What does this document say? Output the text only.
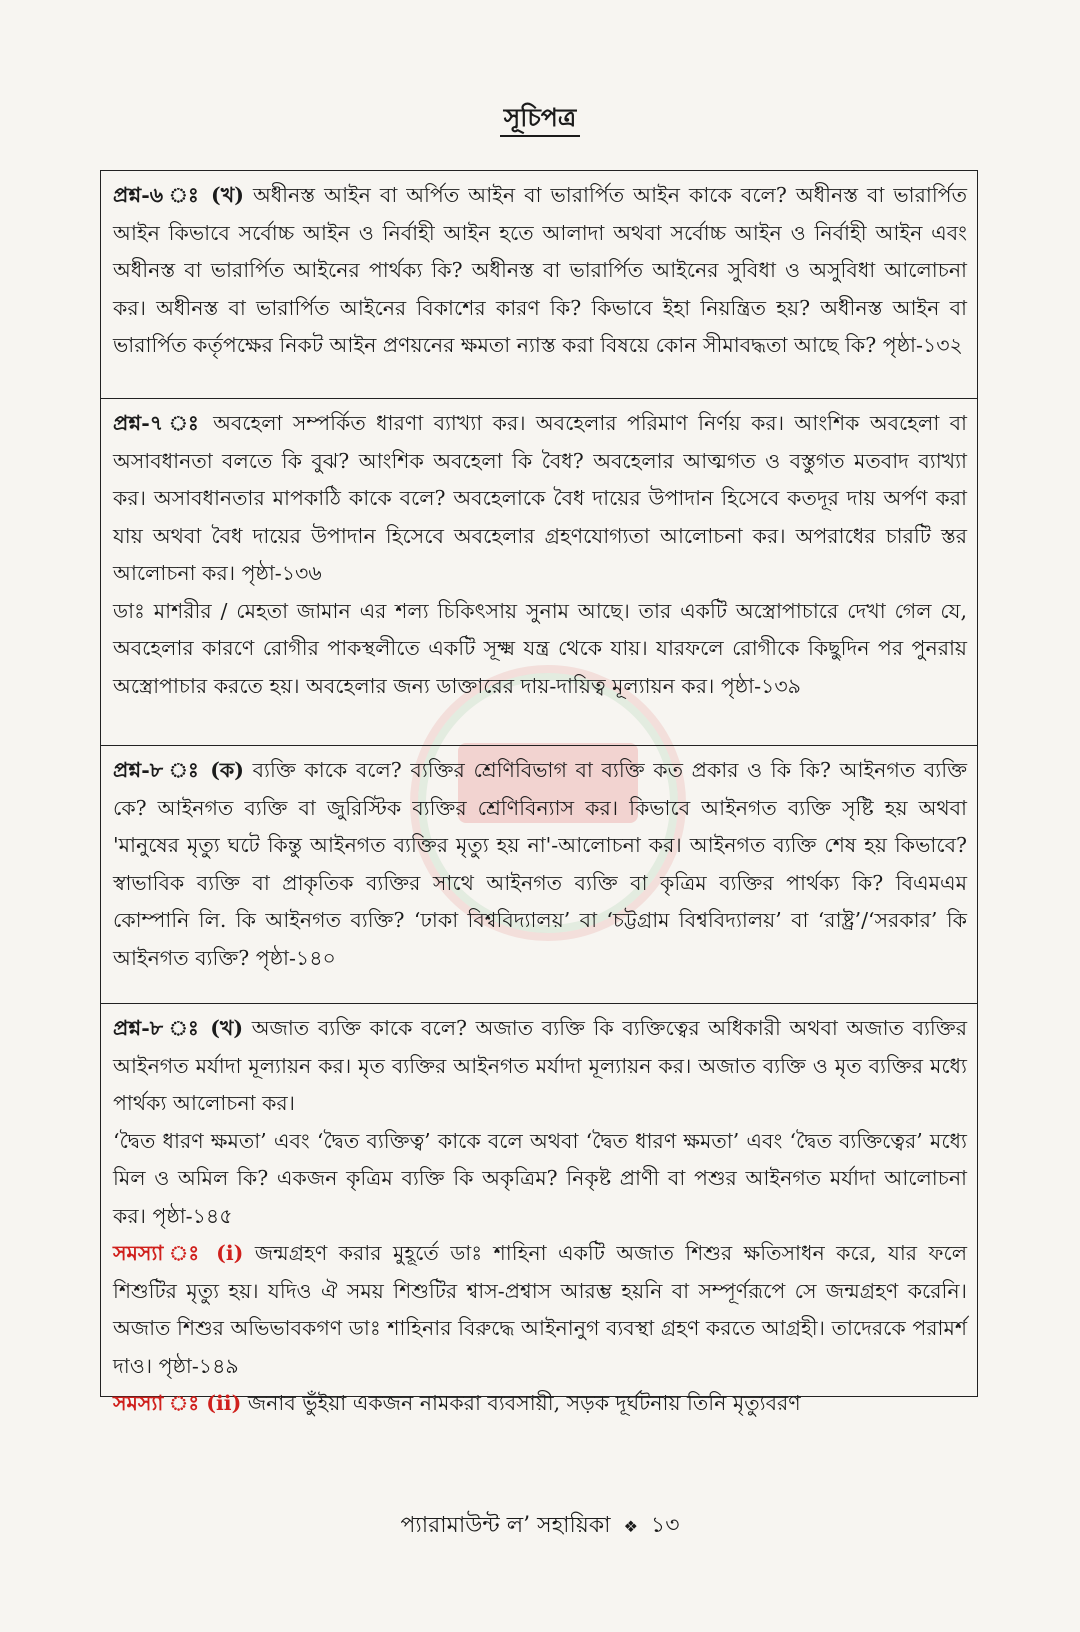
সূচিপত্র

প্রশ্ন-৬ ঃ (খ) অধীনস্ত আইন বা অর্পিত আইন বা ভারার্পিত আইন কাকে বলে? অধীনস্ত বা ভারার্পিত আইন কিভাবে সর্বোচ্চ আইন ও নির্বাহী আইন হতে আলাদা অথবা সর্বোচ্চ আইন ও নির্বাহী আইন এবং অধীনস্ত বা ভারার্পিত আইনের পার্থক্য কি? অধীনস্ত বা ভারার্পিত আইনের সুবিধা ও অসুবিধা আলোচনা কর। অধীনস্ত বা ভারার্পিত আইনের বিকাশের কারণ কি? কিভাবে ইহা নিয়ন্ত্রিত হয়? অধীনস্ত আইন বা ভারার্পিত কর্তৃপক্ষের নিকট আইন প্রণয়নের ক্ষমতা ন্যাস্ত করা বিষয়ে কোন সীমাবদ্ধতা আছে কি? পৃষ্ঠা-১৩২

প্রশ্ন-৭ ঃ অবহেলা সম্পর্কিত ধারণা ব্যাখ্যা কর। অবহেলার পরিমাণ নির্ণয় কর। আংশিক অবহেলা বা অসাবধানতা বলতে কি বুঝ? আংশিক অবহেলা কি বৈধ? অবহেলার আত্মগত ও বস্তুগত মতবাদ ব্যাখ্যা কর। অসাবধানতার মাপকাঠি কাকে বলে? অবহেলাকে বৈধ দায়ের উপাদান হিসেবে কতদূর দায় অর্পণ করা যায় অথবা বৈধ দায়ের উপাদান হিসেবে অবহেলার গ্রহণযোগ্যতা আলোচনা কর। অপরাধের চারটি স্তর আলোচনা কর। পৃষ্ঠা-১৩৬

ডাঃ মাশরীর / মেহতা জামান এর শল্য চিকিৎসায় সুনাম আছে। তার একটি অস্ত্রোপাচারে দেখা গেল যে, অবহেলার কারণে রোগীর পাকস্থলীতে একটি সূক্ষ্ম যন্ত্র থেকে যায়। যারফলে রোগীকে কিছুদিন পর পুনরায় অস্ত্রোপাচার করতে হয়। অবহেলার জন্য ডাক্তারের দায়-দায়িত্ব মূল্যায়ন কর। পৃষ্ঠা-১৩৯

প্রশ্ন-৮ ঃ (ক) ব্যক্তি কাকে বলে? ব্যক্তির শ্রেণিবিভাগ বা ব্যক্তি কত প্রকার ও কি কি? আইনগত ব্যক্তি কে? আইনগত ব্যক্তি বা জুরিস্টিক ব্যক্তির শ্রেণিবিন্যাস কর। কিভাবে আইনগত ব্যক্তি সৃষ্টি হয় অথবা 'মানুষের মৃত্যু ঘটে কিন্তু আইনগত ব্যক্তির মৃত্যু হয় না'-আলোচনা কর। আইনগত ব্যক্তি শেষ হয় কিভাবে? স্বাভাবিক ব্যক্তি বা প্রাকৃতিক ব্যক্তির সাথে আইনগত ব্যক্তি বা কৃত্রিম ব্যক্তির পার্থক্য কি? বিএমএম কোম্পানি লি. কি আইনগত ব্যক্তি? ‘ঢাকা বিশ্ববিদ্যালয়’ বা ‘চট্টগ্রাম বিশ্ববিদ্যালয়’ বা ‘রাষ্ট্র’/‘সরকার’ কি আইনগত ব্যক্তি? পৃষ্ঠা-১৪০

প্রশ্ন-৮ ঃ (খ) অজাত ব্যক্তি কাকে বলে? অজাত ব্যক্তি কি ব্যক্তিত্বের অধিকারী অথবা অজাত ব্যক্তির আইনগত মর্যাদা মূল্যায়ন কর। মৃত ব্যক্তির আইনগত মর্যাদা মূল্যায়ন কর। অজাত ব্যক্তি ও মৃত ব্যক্তির মধ্যে পার্থক্য আলোচনা কর।

‘দ্বৈত ধারণ ক্ষমতা’ এবং ‘দ্বৈত ব্যক্তিত্ব’ কাকে বলে অথবা ‘দ্বৈত ধারণ ক্ষমতা’ এবং ‘দ্বৈত ব্যক্তিত্বের’ মধ্যে মিল ও অমিল কি? একজন কৃত্রিম ব্যক্তি কি অকৃত্রিম? নিকৃষ্ট প্রাণী বা পশুর আইনগত মর্যাদা আলোচনা কর। পৃষ্ঠা-১৪৫

সমস্যা ঃ (i) জন্মগ্রহণ করার মুহূর্তে ডাঃ শাহিনা একটি অজাত শিশুর ক্ষতিসাধন করে, যার ফলে শিশুটির মৃত্যু হয়। যদিও ঐ সময় শিশুটির শ্বাস-প্রশ্বাস আরম্ভ হয়নি বা সম্পূর্ণরূপে সে জন্মগ্রহণ করেনি। অজাত শিশুর অভিভাবকগণ ডাঃ শাহিনার বিরুদ্ধে আইনানুগ ব্যবস্থা গ্রহণ করতে আগ্রহী। তাদেরকে পরামর্শ দাও। পৃষ্ঠা-১৪৯

সমস্যা ঃ (ii) জনাব ভুঁইয়া একজন নামকরা ব্যবসায়ী, সড়ক দূর্ঘটনায় তিনি মৃত্যুবরণ

প্যারামাউন্ট ল’ সহায়িকা ❖ ১৩
